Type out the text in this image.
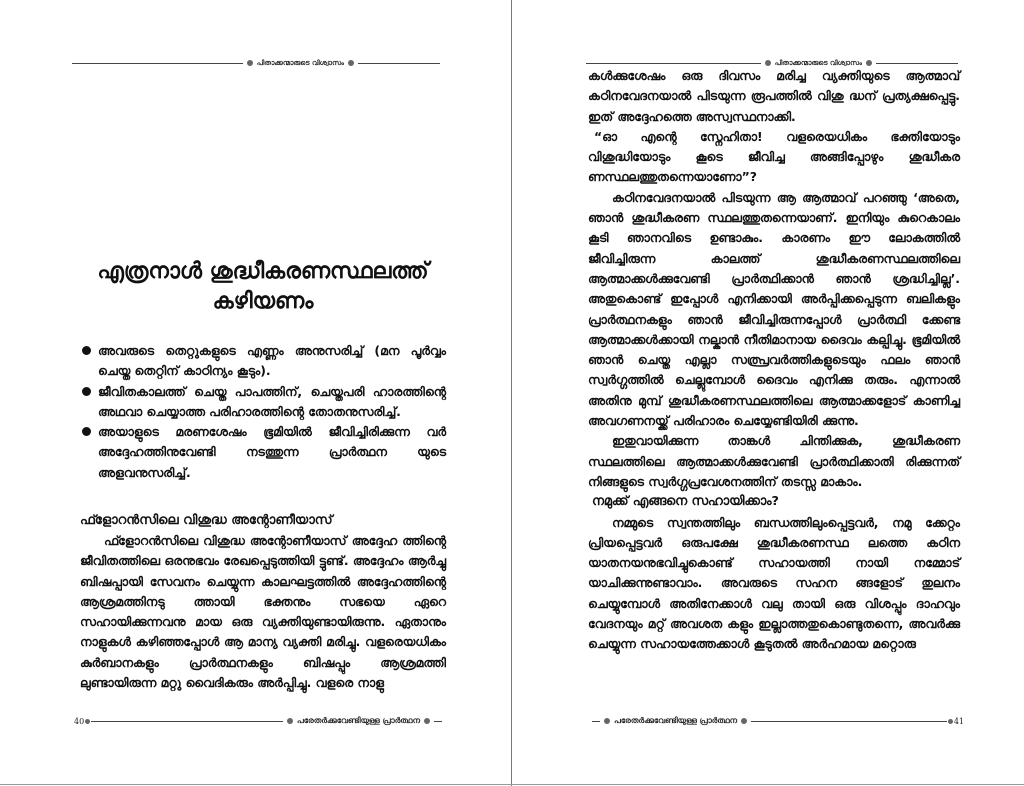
പിതാക്കന്മാരുടെ വിശ്വാസം
എത്രനാൾ ശുദ്ധീകരണസ്ഥലത്ത്
കഴിയണം
അവരുടെ തെറ്റുകളുടെ എണ്ണം അനുസരിച്ച് (മന പൂർവ്വം ചെയ്ത തെറ്റിന് കാഠിന്യം കൂടും).
ജീവിതകാലത്ത് ചെയ്ത പാപത്തിന്, ചെയ്തപരി ഹാരത്തിന്റെ അഥവാ ചെയ്യാത്ത പരിഹാരത്തിന്റെ തോതനുസരിച്ച്.
അയാളുടെ മരണശേഷം ഭൂമിയിൽ ജീവിച്ചിരിക്കുന്ന വർ അദ്ദേഹത്തിനുവേണ്ടി നടത്തുന്ന പ്രാർത്ഥന യുടെ അളവനുസരിച്ച്.
ഫ്ളോറൻസിലെ വിശുദ്ധ അന്റോണീയാസ്

ഫ്ളോറൻസിലെ വിശുദ്ധ അന്റോണീയാസ് അദ്ദേഹ ത്തിന്റെ ജീവിതത്തിലെ ഒരനുഭവം രേഖപ്പെടുത്തിയി ട്ടുണ്ട്. അദ്ദേഹം ആർച്ചു ബിഷപ്പായി സേവനം ചെയ്യുന്ന കാലഘട്ടത്തിൽ അദ്ദേഹത്തിന്റെ ആശ്രമത്തിനടു ത്തായി ഭക്തനും സഭയെ ഏറെ സഹായിക്കുന്നവനു മായ ഒരു വ്യക്തിയുണ്ടായിരുന്നു. ഏതാനും നാളുകൾ കഴിഞ്ഞപ്പോൾ ആ മാന്യ വ്യക്തി മരിച്ചു. വളരെയധികം കുർബാനകളും പ്രാർത്ഥനകളും ബിഷപ്പും ആശ്രമത്തി ലുണ്ടായിരുന്ന മറ്റു വൈദികരും അർപ്പിച്ചു. വളരെ നാളു

40	പരേതർക്കുവേണ്ടിയുള്ള പ്രാർത്ഥന
പിതാക്കന്മാരുടെ വിശ്വാസം

കൾക്കുശേഷം ഒരു ദിവസം മരിച്ച വ്യക്തിയുടെ ആത്മാവ് കഠിനവേദനയാൽ പിടയുന്ന രൂപത്തിൽ വിശു ദ്ധന് പ്രത്യക്ഷപ്പെട്ടു. ഇത് അദ്ദേഹത്തെ അസ്വസ്ഥനാക്കി.

“ഓ എന്റെ സ്നേഹിതാ! വളരെയധികം ഭക്തിയോടും വിശുദ്ധിയോടും കൂടെ ജീവിച്ച അങ്ങിപ്പോഴും ശുദ്ധീകര ണസ്ഥലത്തുതന്നെയാണോ”?

കഠിനവേദനയാൽ പിടയുന്ന ആ ആത്മാവ് പറഞ്ഞു ‘അതെ, ഞാൻ ശുദ്ധീകരണ സ്ഥലത്തുതന്നെയാണ്. ഇനിയും കുറെകാലം കൂടി ഞാനവിടെ ഉണ്ടാകും. കാരണം ഈ ലോകത്തിൽ ജീവിച്ചിരുന്ന കാലത്ത് ശുദ്ധീകരണസ്ഥലത്തിലെ ആത്മാക്കൾക്കുവേണ്ടി പ്രാർത്ഥിക്കാൻ ഞാൻ ശ്രദ്ധിച്ചില്ല’. അതുകൊണ്ട് ഇപ്പോൾ എനിക്കായി അർപ്പിക്കപ്പെടുന്ന ബലികളും പ്രാർത്ഥനകളും ഞാൻ ജീവിച്ചിരുന്നപ്പോൾ പ്രാർത്ഥി ക്കേണ്ട ആത്മാക്കൾക്കായി നല്കാൻ നീതിമാനായ ദൈവം കല്പിച്ചു. ഭൂമിയിൽ ഞാൻ ചെയ്ത എല്ലാ സത്പ്രവർത്തികളുടെയും ഫലം ഞാൻ സ്വർഗ്ഗത്തിൽ ചെല്ലുമ്പോൾ ദൈവം എനിക്കു തരും. എന്നാൽ അതിനു മുമ്പ് ശുദ്ധീകരണസ്ഥലത്തിലെ ആത്മാക്കളോട് കാണിച്ച അവഗണനയ്ക്ക് പരിഹാരം ചെയ്യേണ്ടിയിരി ക്കുന്നു.

ഇതുവായിക്കുന്ന താങ്കൾ ചിന്തിക്കുക, ശുദ്ധീകരണ സ്ഥലത്തിലെ ആത്മാക്കൾക്കുവേണ്ടി പ്രാർത്ഥിക്കാതി രിക്കുന്നത് നിങ്ങളുടെ സ്വർഗ്ഗപ്രവേശനത്തിന് തടസ്സ മാകാം.

നമുക്ക് എങ്ങനെ സഹായിക്കാം?

നമ്മുടെ സ്വന്തത്തിലും ബന്ധത്തിലുംപ്പെട്ടവർ, നമു ക്കേറ്റം പ്രിയപ്പെട്ടവർ ഒരുപക്ഷേ ശുദ്ധീകരണസ്ഥ ലത്തെ കഠിന യാതനയനുഭവിച്ചുകൊണ്ട് സഹായത്തി നായി നമ്മോട് യാചിക്കുന്നുണ്ടാവാം. അവരുടെ സഹന ങ്ങളോട് തുലനം ചെയ്യുമ്പോൾ അതിനേക്കാൾ വലു തായി ഒരു വിശപ്പും ദാഹവും വേദനയും മറ്റ് അവശത കളും ഇല്ലാത്തതുകൊണ്ടുതന്നെ, അവർക്കു ചെയ്യുന്ന സഹായത്തേക്കാൾ കൂടുതൽ അർഹമായ മറ്റൊരു

പരേതർക്കുവേണ്ടിയുള്ള പ്രാർത്ഥന	41
